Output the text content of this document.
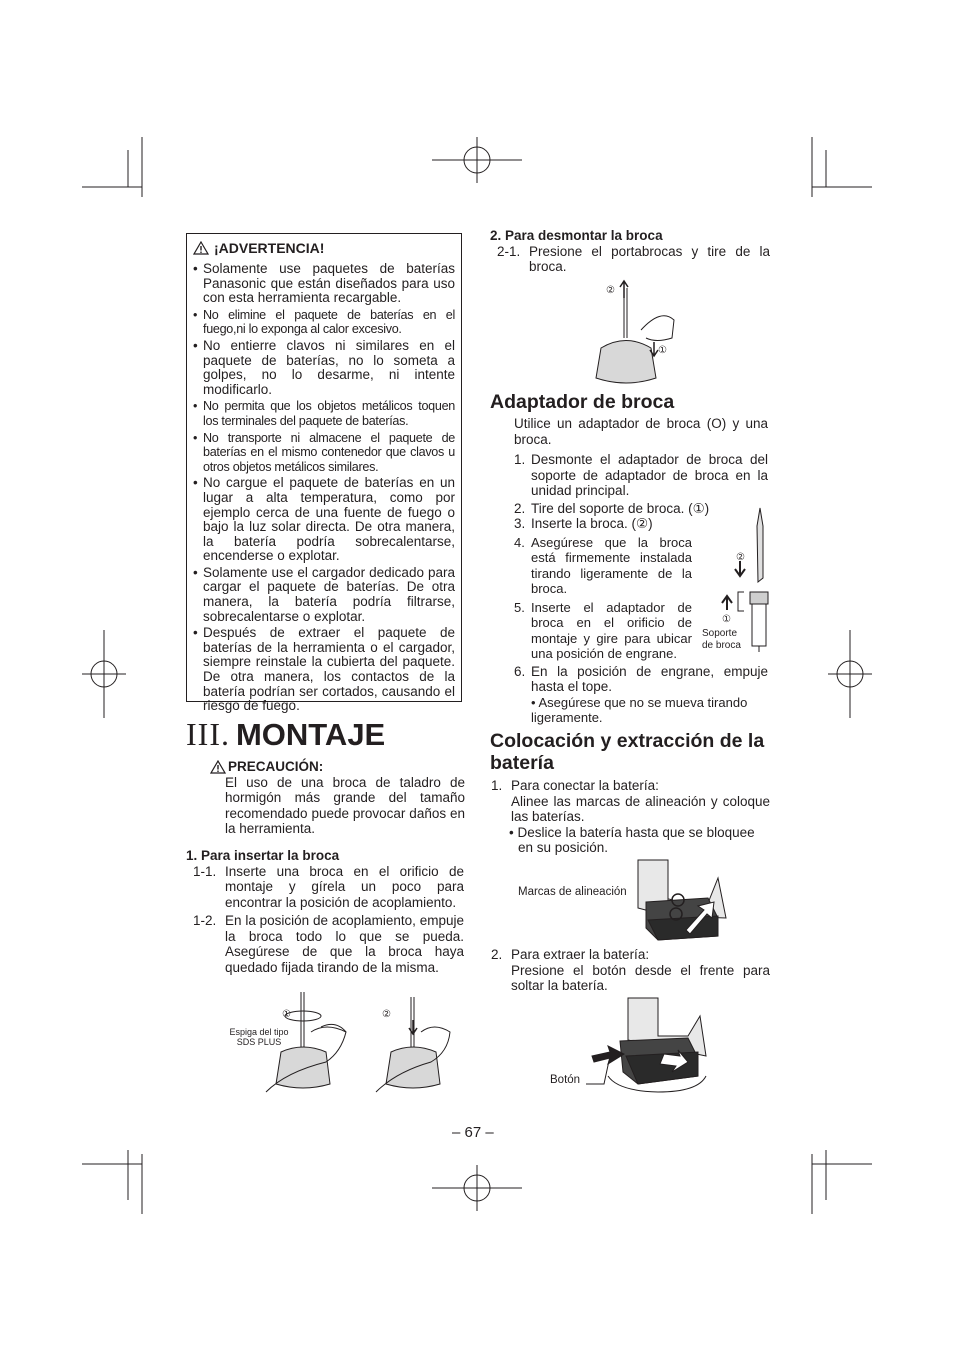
¡ADVERTENCIA!
• Solamente use paquetes de baterías Panasonic que están diseñados para uso con esta herramienta recargable.
• No elimine el paquete de baterías en el fuego,ni lo exponga al calor excesivo.
• No entierre clavos ni similares en el paquete de baterías, no lo someta a golpes, no lo desarme, ni intente modificarlo.
• No permita que los objetos metálicos toquen los terminales del paquete de baterías.
• No transporte ni almacene el paquete de baterías en el mismo contenedor que clavos u otros objetos metálicos similares.
• No cargue el paquete de baterías en un lugar a alta temperatura, como por ejemplo cerca de una fuente de fuego o bajo la luz solar directa. De otra manera, la batería podría sobrecalentarse, encenderse o explotar.
• Solamente use el cargador dedicado para cargar el paquete de baterías. De otra manera, la batería podría filtrarse, sobrecalentarse o explotar.
• Después de extraer el paquete de baterías de la herramienta o el cargador, siempre reinstale la cubierta del paquete. De otra manera, los contactos de la batería podrían ser cortados, causando el riesgo de fuego.
III. MONTAJE
PRECAUCIÓN:
El uso de una broca de taladro de hormigón más grande del tamaño recomendado puede provocar daños en la herramienta.
1. Para insertar la broca
1-1. Inserte una broca en el orificio de montaje y gírela un poco para encontrar la posición de acoplamiento.
1-2. En la posición de acoplamiento, empuje la broca todo lo que se pueda. Asegúrese de que la broca haya quedado fijada tirando de la misma.
①	②
Espiga del tipo SDS PLUS
2. Para desmontar la broca
2-1. Presione el portabrocas y tire de la broca.
②
①
Adaptador de broca
Utilice un adaptador de broca (O) y una broca.
1. Desmonte el adaptador de broca del soporte de adaptador de broca en la unidad principal.
2. Tire del soporte de broca. (①)
3. Inserte la broca. (②)
4. Asegúrese que la broca está firmemente instalada tirando ligeramente de la broca.
5. Inserte el adaptador de broca en el orificio de montaje y gire para ubicar una posición de engrane.
6. En la posición de engrane, empuje hasta el tope.
• Asegúrese que no se mueva tirando ligeramente.
②
①
Soporte
de broca
Colocación y extracción de la batería
1. Para conectar la batería:
Alinee las marcas de alineación y coloque las baterías.
• Deslice la batería hasta que se bloquee en su posición.
Marcas de alineación
2. Para extraer la batería:
Presione el botón desde el frente para soltar la batería.
Botón
– 67 –
